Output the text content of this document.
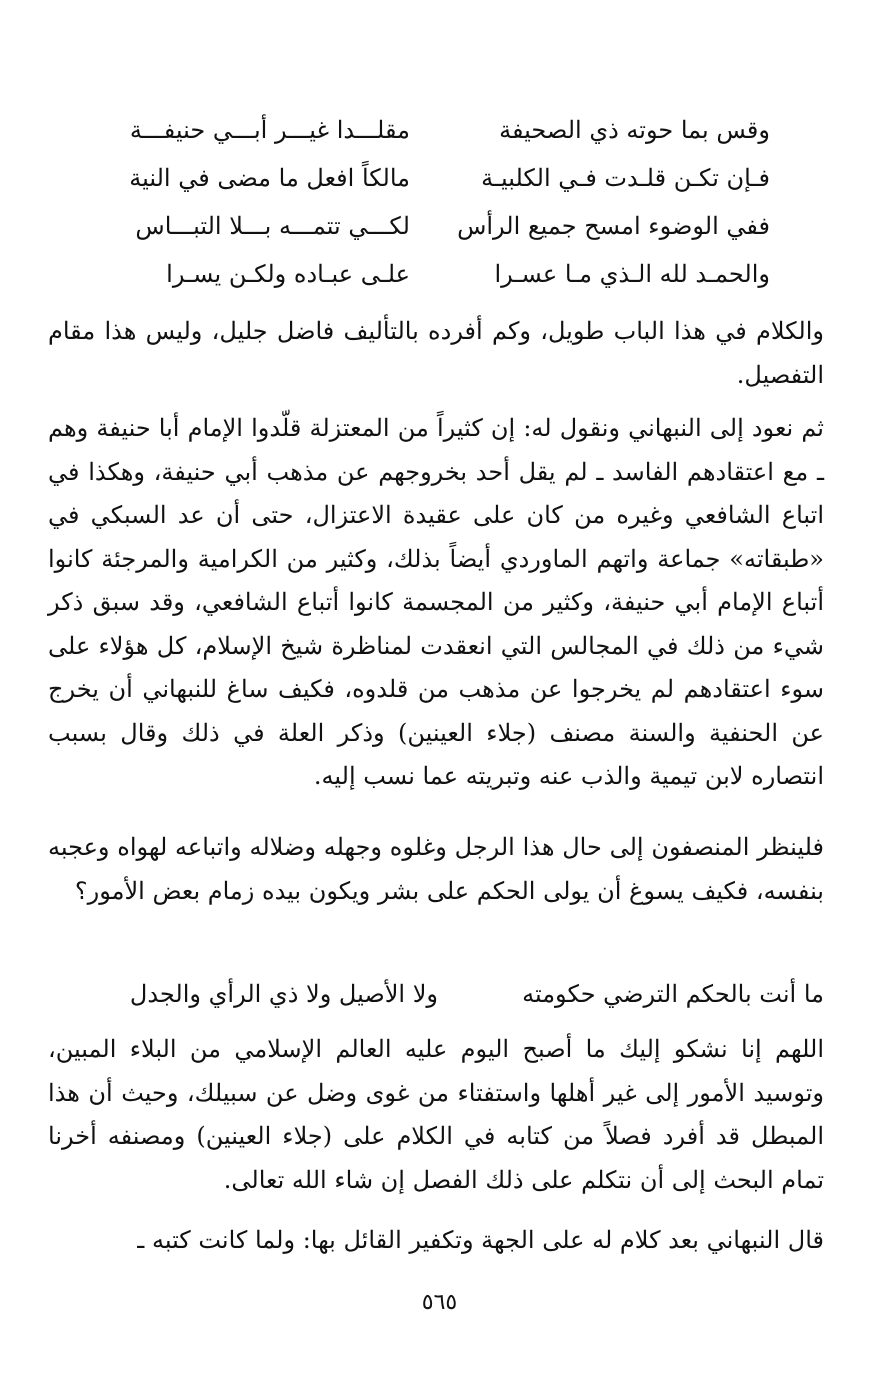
وقس بما حوته ذي الصحيفة
مقلـــدا غيـــر أبـــي حنيفـــة
فـإن تكـن قلـدت فـي الكلبيـة
مالكاً افعل ما مضى في النية
ففي الوضوء امسح جميع الرأس
لكـــي تتمـــه بـــلا التبـــاس
والحمـد لله الـذي مـا عسـرا
علـى عبـاده ولكـن يسـرا

والكلام في هذا الباب طويل، وكم أفرده بالتأليف فاضل جليل، وليس هذا مقام التفصيل.

ثم نعود إلى النبهاني ونقول له: إن كثيراً من المعتزلة قلّدوا الإمام أبا حنيفة وهم ـ مع اعتقادهم الفاسد ـ لم يقل أحد بخروجهم عن مذهب أبي حنيفة، وهكذا في اتباع الشافعي وغيره من كان على عقيدة الاعتزال، حتى أن عد السبكي في «طبقاته» جماعة واتهم الماوردي أيضاً بذلك، وكثير من الكرامية والمرجئة كانوا أتباع الإمام أبي حنيفة، وكثير من المجسمة كانوا أتباع الشافعي، وقد سبق ذكر شيء من ذلك في المجالس التي انعقدت لمناظرة شيخ الإسلام، كل هؤلاء على سوء اعتقادهم لم يخرجوا عن مذهب من قلدوه، فكيف ساغ للنبهاني أن يخرج عن الحنفية والسنة مصنف (جلاء العينين) وذكر العلة في ذلك وقال بسبب انتصاره لابن تيمية والذب عنه وتبريته عما نسب إليه.

فلينظر المنصفون إلى حال هذا الرجل وغلوه وجهله وضلاله واتباعه لهواه وعجبه بنفسه، فكيف يسوغ أن يولى الحكم على بشر ويكون بيده زمام بعض الأمور؟

ما أنت بالحكم الترضي حكومته
ولا الأصيل ولا ذي الرأي والجدل

اللهم إنا نشكو إليك ما أصبح اليوم عليه العالم الإسلامي من البلاء المبين، وتوسيد الأمور إلى غير أهلها واستفتاء من غوى وضل عن سبيلك، وحيث أن هذا المبطل قد أفرد فصلاً من كتابه في الكلام على (جلاء العينين) ومصنفه أخرنا تمام البحث إلى أن نتكلم على ذلك الفصل إن شاء الله تعالى.

قال النبهاني بعد كلام له على الجهة وتكفير القائل بها: ولما كانت كتبه ـ

٥٦٥
